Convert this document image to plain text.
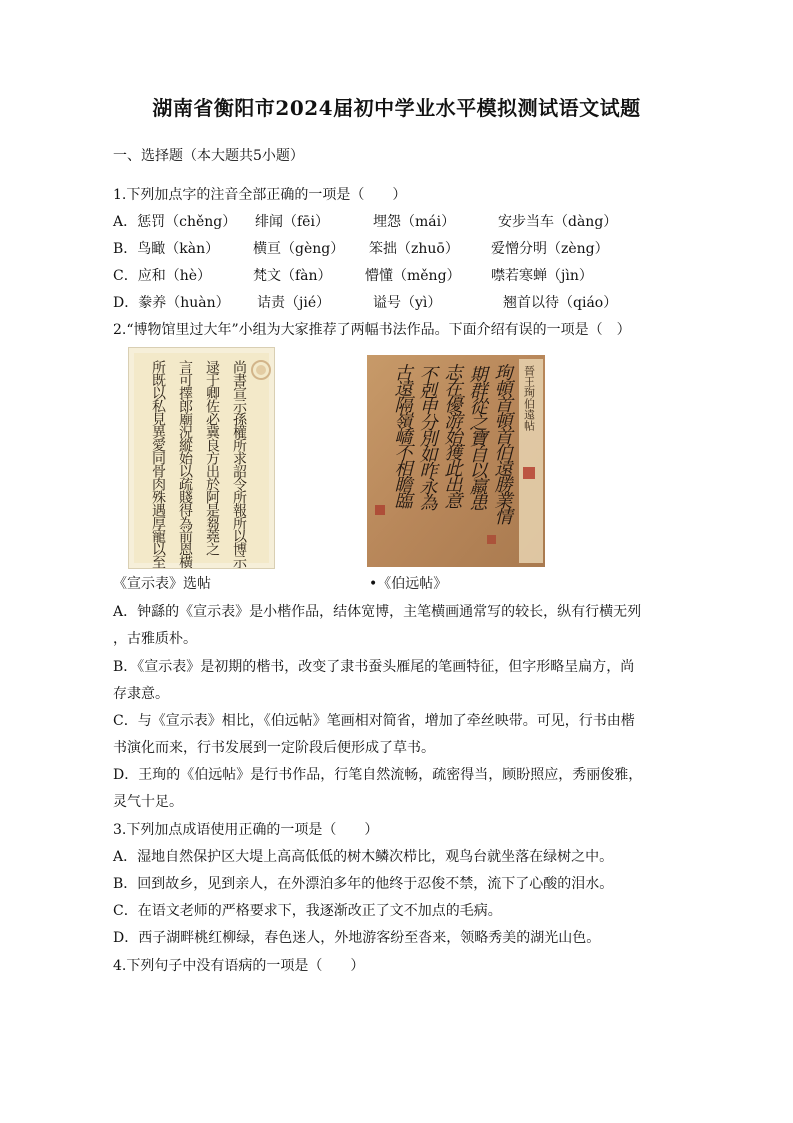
湖南省衡阳市2024届初中学业水平模拟测试语文试题
一、选择题（本大题共5小题）
1.下列加点字的注音全部正确的一项是（　　）
A．惩罚（chěng） 绯闻（fēi）	埋怨（mái）	安步当车（dàng）
B．鸟瞰（kàn） 横亘（gèng） 笨拙（zhuō） 爱憎分明（zèng）
C．应和（hè）	梵文（fàn） 懵懂（měng） 噤若寒蝉（jìn）
D．豢养（huàn） 诘责（jié）	谥号（yì）	翘首以待（qiáo）
2.“博物馆里过大年”小组为大家推荐了两幅书法作品。下面介绍有误的一项是（　）
尚書宣示孫權所求詔令所報所以博示
逯于卿佐必冀良方出於阿是芻蕘之
言可擇郎廟況縱始以疏賤得為前恩橫
所既以私見異愛同骨肉殊遇厚寵以至	晉王珣伯遠帖
珣頓首頓首伯遠勝業情
期群從之寶自以羸患
志在優游始獲此出意
不剋申分別如昨永為
古遠隔嶺嶠不相瞻臨
《宣示表》选帖	•《伯远帖》
A．钟繇的《宣示表》是小楷作品，结体宽博，主笔横画通常写的较长，纵有行横无列
，古雅质朴。
B．《宣示表》是初期的楷书，改变了隶书蚕头雁尾的笔画特征，但字形略呈扁方，尚
存隶意。
C．与《宣示表》相比，《伯远帖》笔画相对简省，增加了牵丝映带。可见，行书由楷
书演化而来，行书发展到一定阶段后便形成了草书。
D．王珣的《伯远帖》是行书作品，行笔自然流畅，疏密得当，顾盼照应，秀丽俊雅，
灵气十足。
3.下列加点成语使用正确的一项是（　　）
A．湿地自然保护区大堤上高高低低的树木鳞次栉比，观鸟台就坐落在绿树之中。
B．回到故乡，见到亲人，在外漂泊多年的他终于忍俊不禁，流下了心酸的泪水。
C．在语文老师的严格要求下，我逐渐改正了文不加点的毛病。
D．西子湖畔桃红柳绿，春色迷人，外地游客纷至沓来，领略秀美的湖光山色。
4.下列句子中没有语病的一项是（　　）
